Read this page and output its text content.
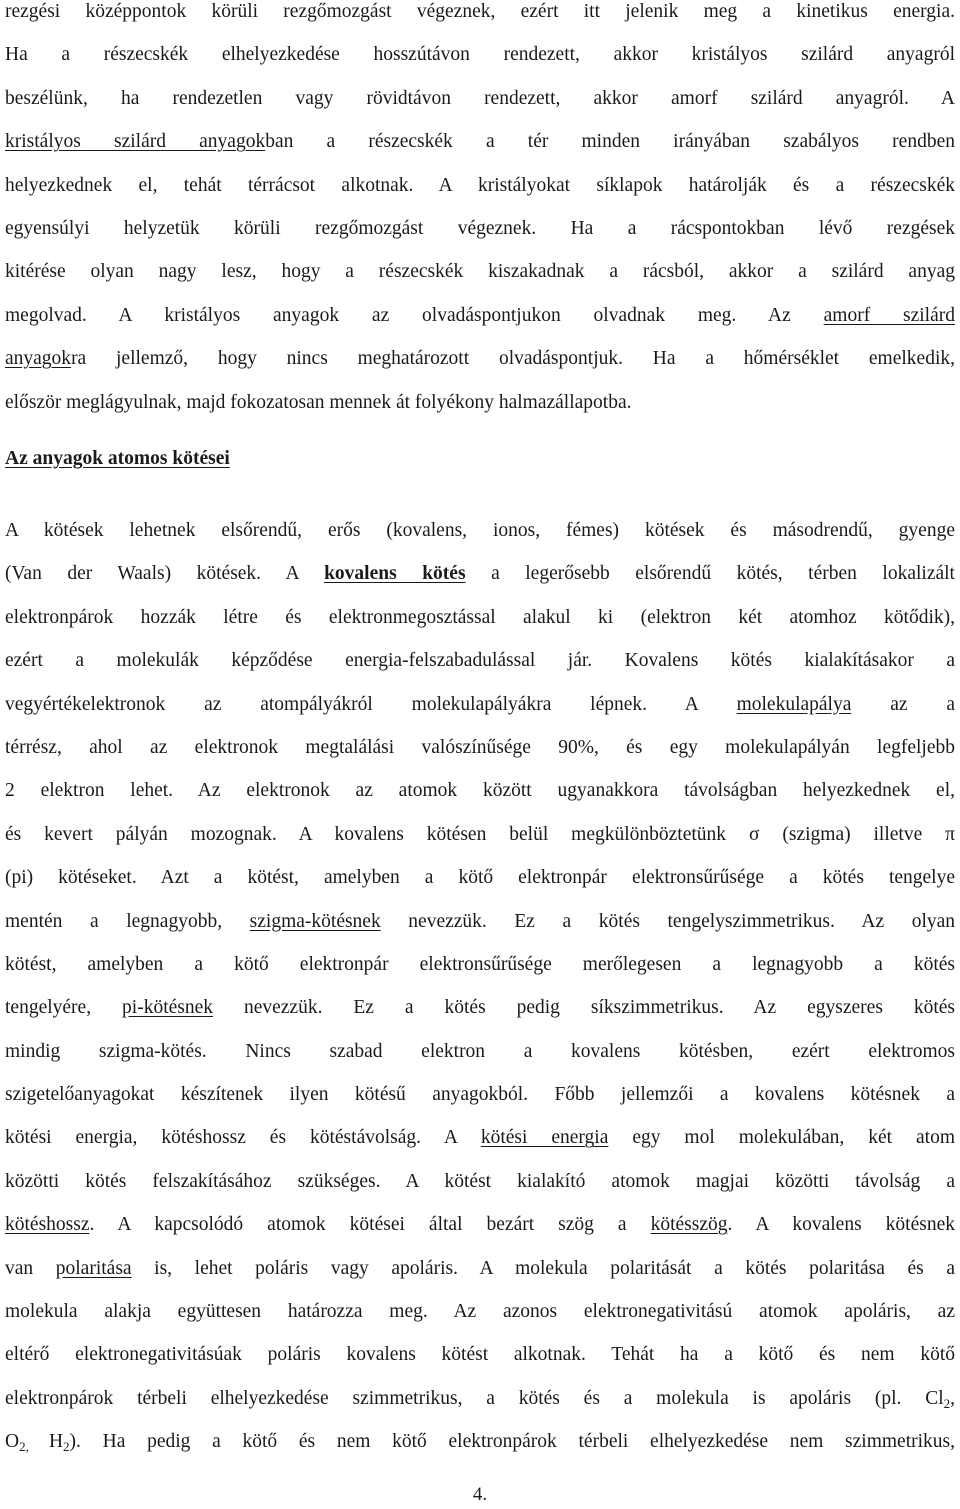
rezgési középpontok körüli rezgőmozgást végeznek, ezért itt jelenik meg a kinetikus energia.
Ha a részecskék elhelyezkedése hosszútávon rendezett, akkor kristályos szilárd anyagról
beszélünk, ha rendezetlen vagy rövidtávon rendezett, akkor amorf szilárd anyagról. A
kristályos szilárd anyagokban a részecskék a tér minden irányában szabályos rendben
helyezkednek el, tehát térrácsot alkotnak. A kristályokat síklapok határolják és a részecskék
egyensúlyi helyzetük körüli rezgőmozgást végeznek. Ha a rácspontokban lévő rezgések
kitérése olyan nagy lesz, hogy a részecskék kiszakadnak a rácsból, akkor a szilárd anyag
megolvad. A kristályos anyagok az olvadáspontjukon olvadnak meg. Az amorf szilárd
anyagokra jellemző, hogy nincs meghatározott olvadáspontjuk. Ha a hőmérséklet emelkedik,
először meglágyulnak, majd fokozatosan mennek át folyékony halmazállapotba.
Az anyagok atomos kötései
A kötések lehetnek elsőrendű, erős (kovalens, ionos, fémes) kötések és másodrendű, gyenge
(Van der Waals) kötések. A kovalens kötés a legerősebb elsőrendű kötés, térben lokalizált
elektronpárok hozzák létre és elektronmegosztással alakul ki (elektron két atomhoz kötődik),
ezért a molekulák képződése energia-felszabadulással jár. Kovalens kötés kialakításakor a
vegyértékelektronok az atompályákról molekulapályákra lépnek. A molekulapálya az a
térrész, ahol az elektronok megtalálási valószínűsége 90%, és egy molekulapályán legfeljebb
2 elektron lehet. Az elektronok az atomok között ugyanakkora távolságban helyezkednek el,
és kevert pályán mozognak. A kovalens kötésen belül megkülönböztetünk σ (szigma) illetve π
(pi) kötéseket. Azt a kötést, amelyben a kötő elektronpár elektronsűrűsége a kötés tengelye
mentén a legnagyobb, szigma-kötésnek nevezzük. Ez a kötés tengelyszimmetrikus. Az olyan
kötést, amelyben a kötő elektronpár elektronsűrűsége merőlegesen a legnagyobb a kötés
tengelyére, pi-kötésnek nevezzük. Ez a kötés pedig síkszimmetrikus. Az egyszeres kötés
mindig szigma-kötés. Nincs szabad elektron a kovalens kötésben, ezért elektromos
szigetelőanyagokat készítenek ilyen kötésű anyagokból. Főbb jellemzői a kovalens kötésnek a
kötési energia, kötéshossz és kötéstávolság. A kötési energia egy mol molekulában, két atom
közötti kötés felszakításához szükséges. A kötést kialakító atomok magjai közötti távolság a
kötéshossz. A kapcsolódó atomok kötései által bezárt szög a kötésszög. A kovalens kötésnek
van polaritása is, lehet poláris vagy apoláris. A molekula polaritását a kötés polaritása és a
molekula alakja együttesen határozza meg. Az azonos elektronegativitású atomok apoláris, az
eltérő elektronegativitásúak poláris kovalens kötést alkotnak. Tehát ha a kötő és nem kötő
elektronpárok térbeli elhelyezkedése szimmetrikus, a kötés és a molekula is apoláris (pl. $Cl_2$,
$O_{2,}$ $H_2$). Ha pedig a kötő és nem kötő elektronpárok térbeli elhelyezkedése nem szimmetrikus,
4.
